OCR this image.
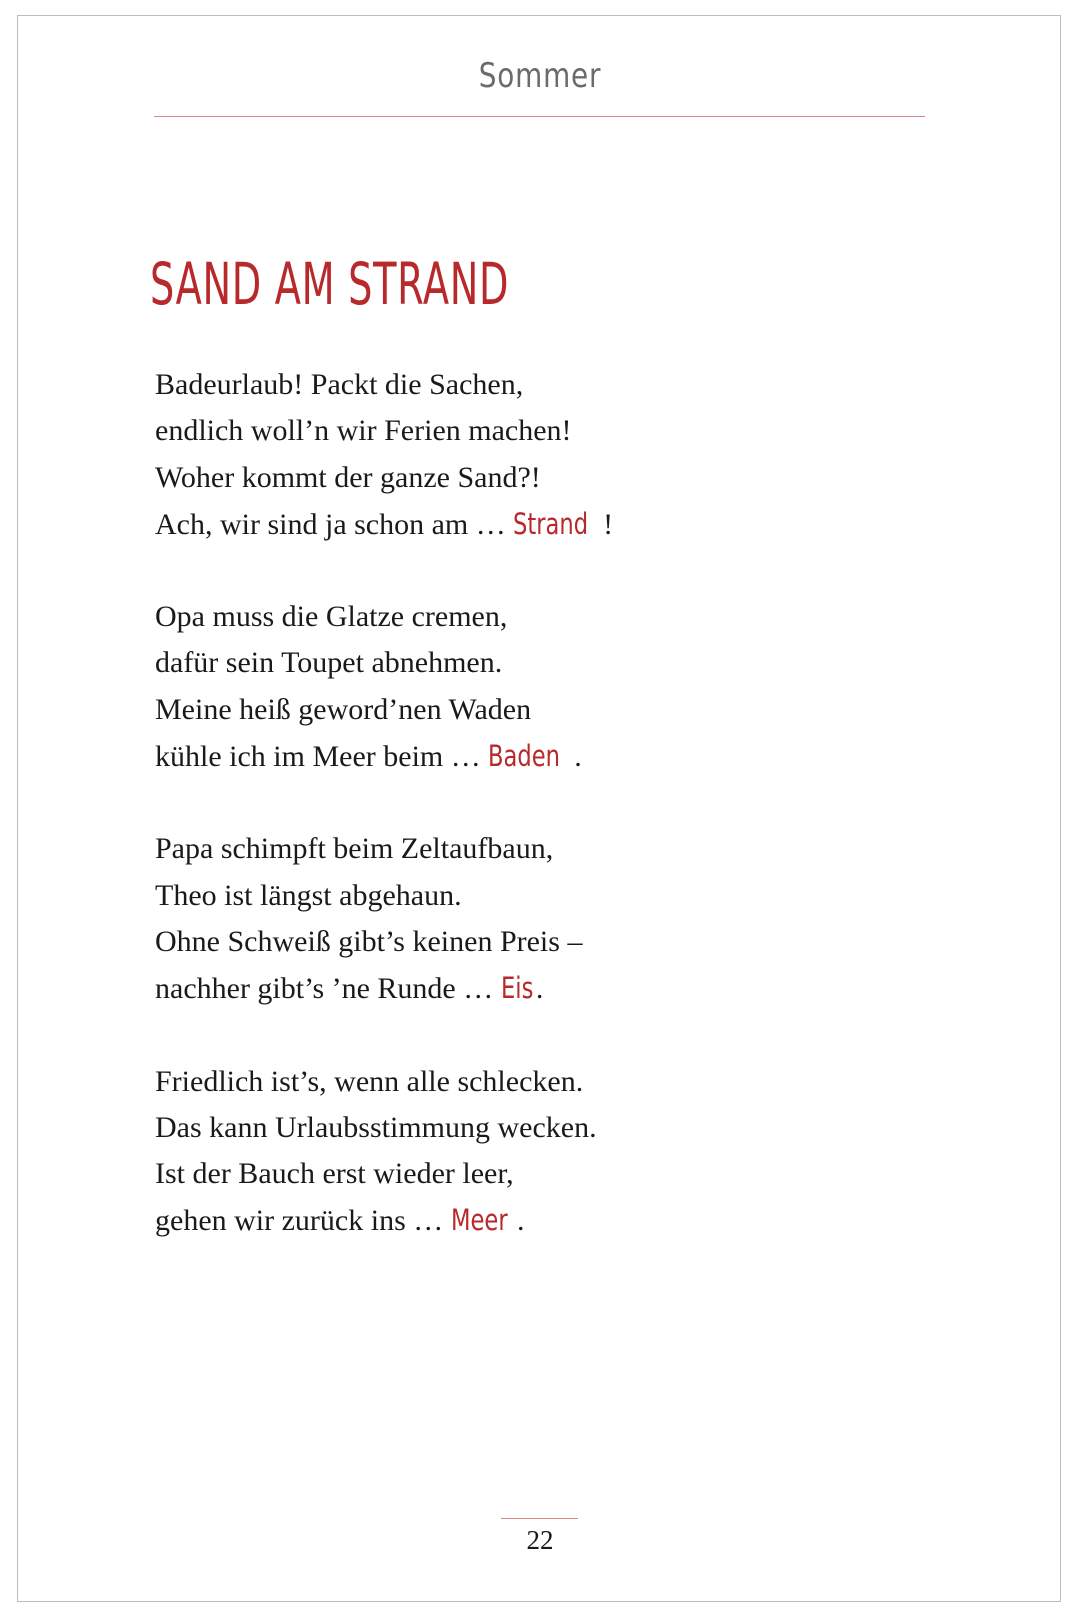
Sommer
SAND AM STRAND
Badeurlaub! Packt die Sachen,
endlich woll’n wir Ferien machen!
Woher kommt der ganze Sand?!
Ach, wir sind ja schon am … Strand !
Opa muss die Glatze cremen,
dafür sein Toupet abnehmen.
Meine heiß geword’nen Waden
kühle ich im Meer beim … Baden .
Papa schimpft beim Zeltaufbaun,
Theo ist längst abgehaun.
Ohne Schweiß gibt’s keinen Preis –
nachher gibt’s ’ne Runde … Eis.
Friedlich ist’s, wenn alle schlecken.
Das kann Urlaubsstimmung wecken.
Ist der Bauch erst wieder leer,
gehen wir zurück ins … Meer .
22
